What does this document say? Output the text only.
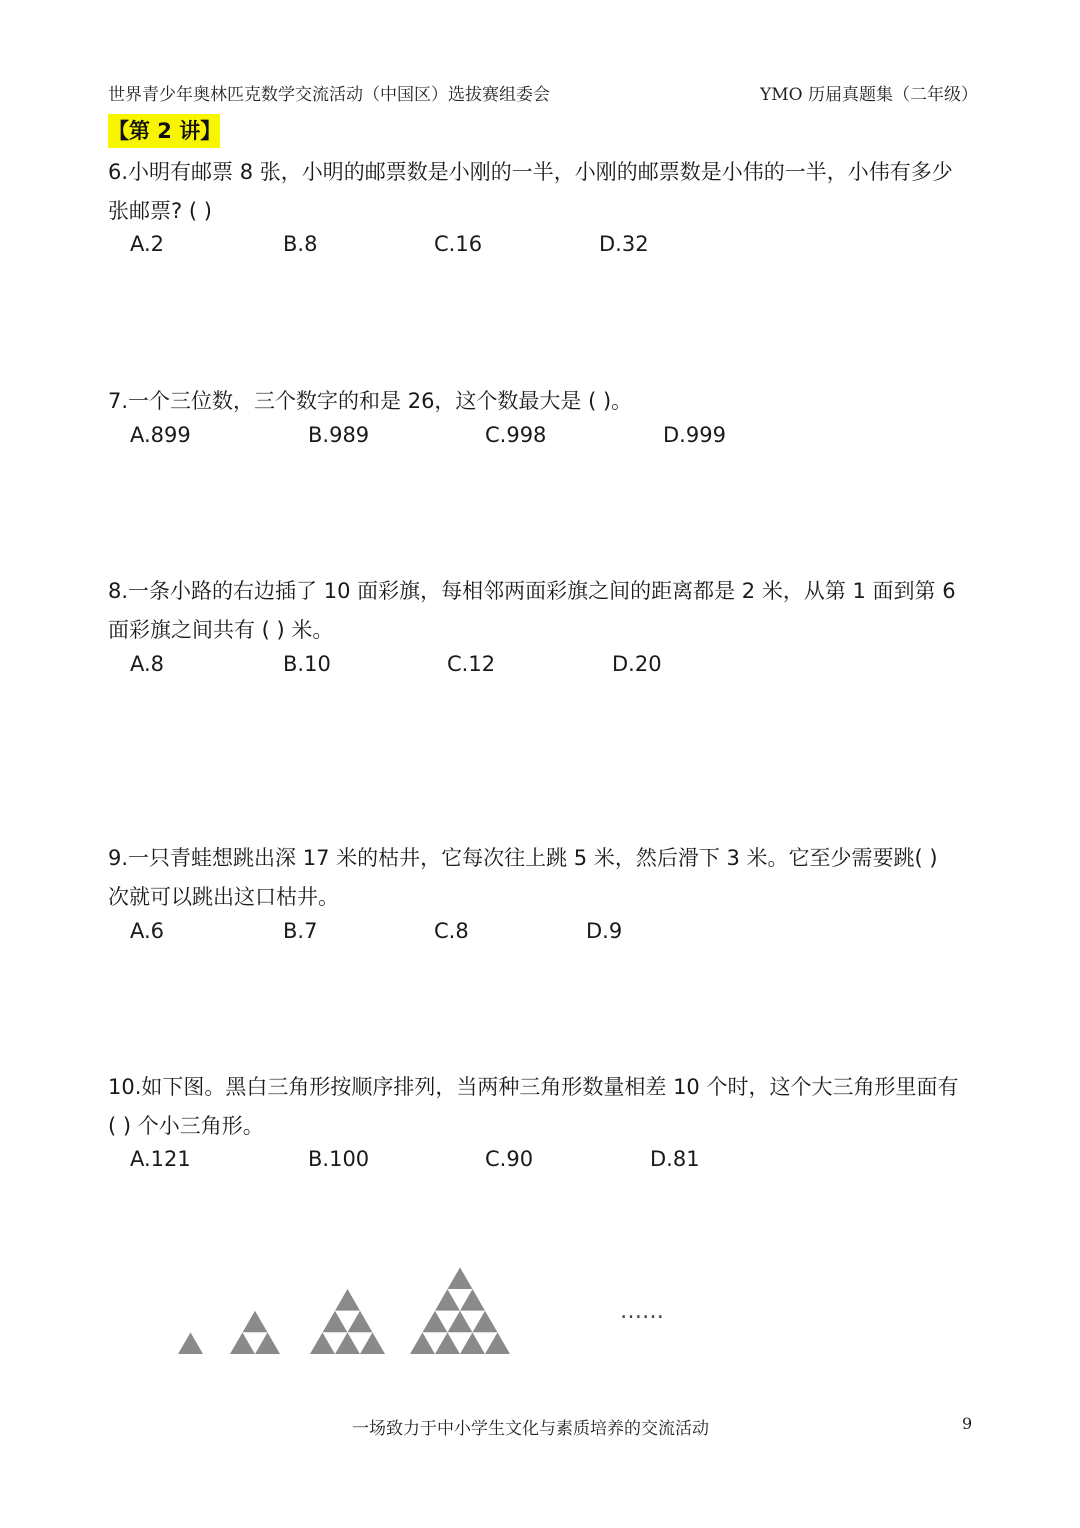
世界青少年奥林匹克数学交流活动（中国区）选拔赛组委会	YMO 历届真题集（二年级）
【第 2 讲】
6.小明有邮票 8 张，小明的邮票数是小刚的一半，小刚的邮票数是小伟的一半，小伟有多少
张邮票? ( )
A.2	B.8	C.16	D.32
7.一个三位数，三个数字的和是 26，这个数最大是 ( )。
A.899	B.989	C.998	D.999
8.一条小路的右边插了 10 面彩旗，每相邻两面彩旗之间的距离都是 2 米，从第 1 面到第 6
面彩旗之间共有 ( ) 米。
A.8	B.10	C.12	D.20
9.一只青蛙想跳出深 17 米的枯井，它每次往上跳 5 米，然后滑下 3 米。它至少需要跳( )
次就可以跳出这口枯井。
A.6	B.7	C.8	D.9
10.如下图。黑白三角形按顺序排列，当两种三角形数量相差 10 个时，这个大三角形里面有
( ) 个小三角形。
A.121	B.100	C.90	D.81
……
一场致力于中小学生文化与素质培养的交流活动	9
